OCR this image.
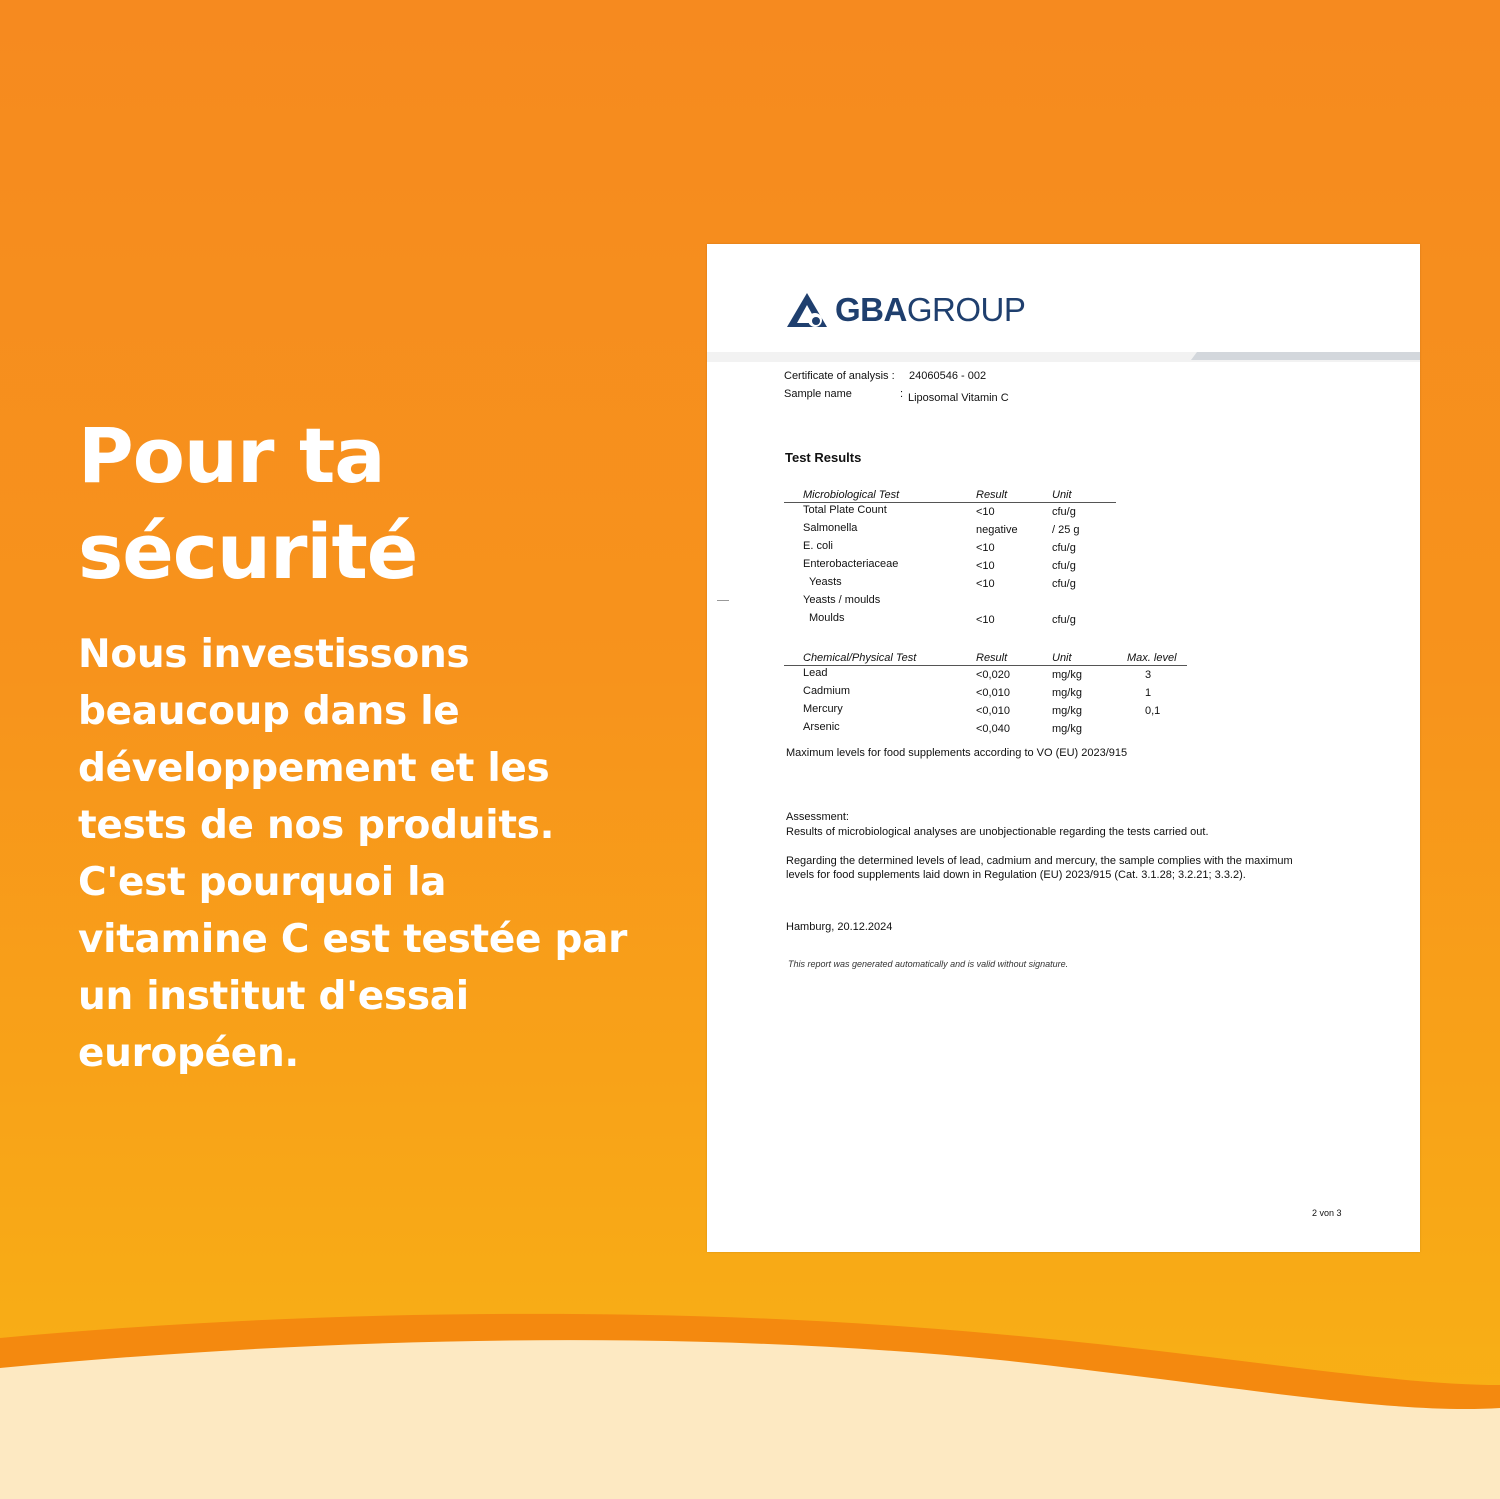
Pour ta
sécurité

Nous investissons beaucoup dans le développement et les tests de nos produits. C'est pourquoi la vitamine C est testée par un institut d'essai européen.

GBAGROUP
Certificate of analysis : 24060546 - 002
Sample name	: Liposomal Vitamin C
Test Results
Microbiological Test	Result	Unit
Total Plate Count	<10	cfu/g
Salmonella	negative	/ 25 g
E. coli	<10	cfu/g
Enterobacteriaceae	<10	cfu/g
Yeasts	<10	cfu/g
Yeasts / moulds
Moulds	<10	cfu/g
Chemical/Physical Test	Result	Unit	Max. level
Lead	<0,020	mg/kg	3
Cadmium	<0,010	mg/kg	1
Mercury	<0,010	mg/kg	0,1
Arsenic	<0,040	mg/kg
Maximum levels for food supplements according to VO (EU) 2023/915
Assessment:
Results of microbiological analyses are unobjectionable regarding the tests carried out.
Regarding the determined levels of lead, cadmium and mercury, the sample complies with the maximum
levels for food supplements laid down in Regulation (EU) 2023/915 (Cat. 3.1.28; 3.2.21; 3.3.2).
Hamburg, 20.12.2024
This report was generated automatically and is valid without signature.
2 von 3
